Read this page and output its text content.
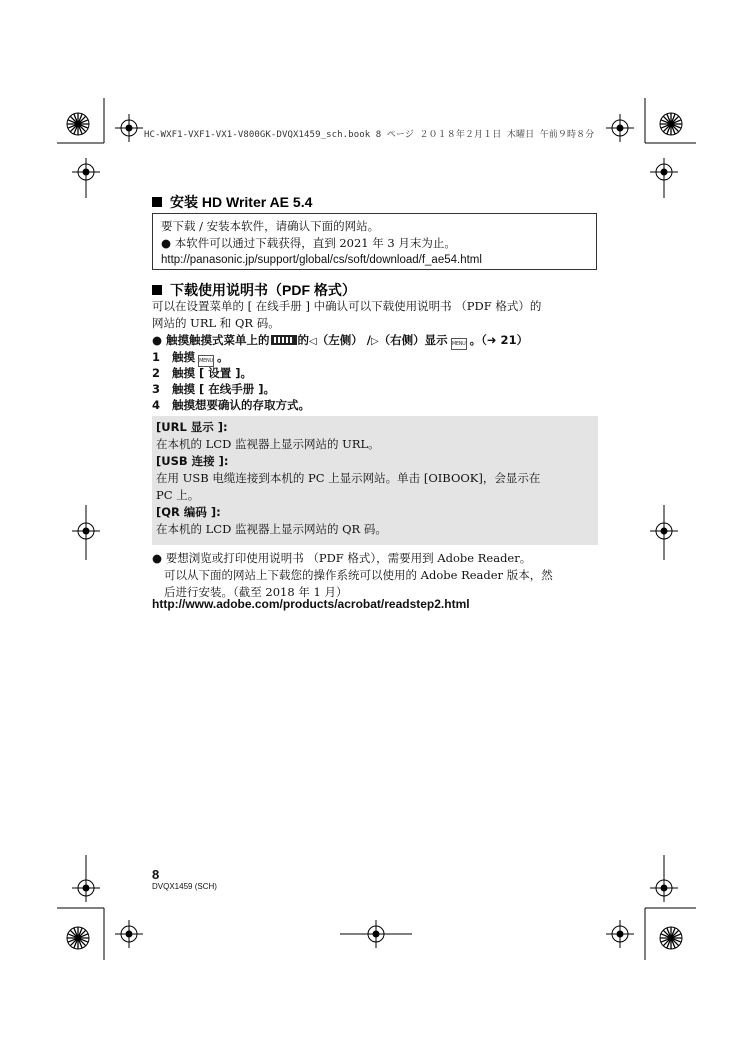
HC-WXF1-VXF1-VX1-V800GK-DVQX1459_sch.book 8 ページ ２０１８年２月１日 木曜日 午前９時８分
安装 HD Writer AE 5.4
要下载 / 安装本软件，请确认下面的网站。
● 本软件可以通过下载获得，直到 2021 年 3 月末为止。
http://panasonic.jp/support/global/cs/soft/download/f_ae54.html
下载使用说明书（PDF 格式）
可以在设置菜单的 [ 在线手册 ] 中确认可以下载使用说明书 （PDF 格式）的
网站的 URL 和 QR 码。
● 触摸触摸式菜单上的 的◁（左侧） /▷（右侧）显示 MENU 。（➜ 21）
1 触摸 MENU 。
2 触摸 [ 设置 ]。
3 触摸 [ 在线手册 ]。
4 触摸想要确认的存取方式。
[URL 显示 ]:
在本机的 LCD 监视器上显示网站的 URL。
[USB 连接 ]:
在用 USB 电缆连接到本机的 PC 上显示网站。单击 [OIBOOK]，会显示在
PC 上。
[QR 编码 ]:
在本机的 LCD 监视器上显示网站的 QR 码。
● 要想浏览或打印使用说明书 （PDF 格式），需要用到 Adobe Reader。
可以从下面的网站上下载您的操作系统可以使用的 Adobe Reader 版本，然
后进行安装。（截至 2018 年 1 月）
http://www.adobe.com/products/acrobat/readstep2.html
8
DVQX1459 (SCH)
